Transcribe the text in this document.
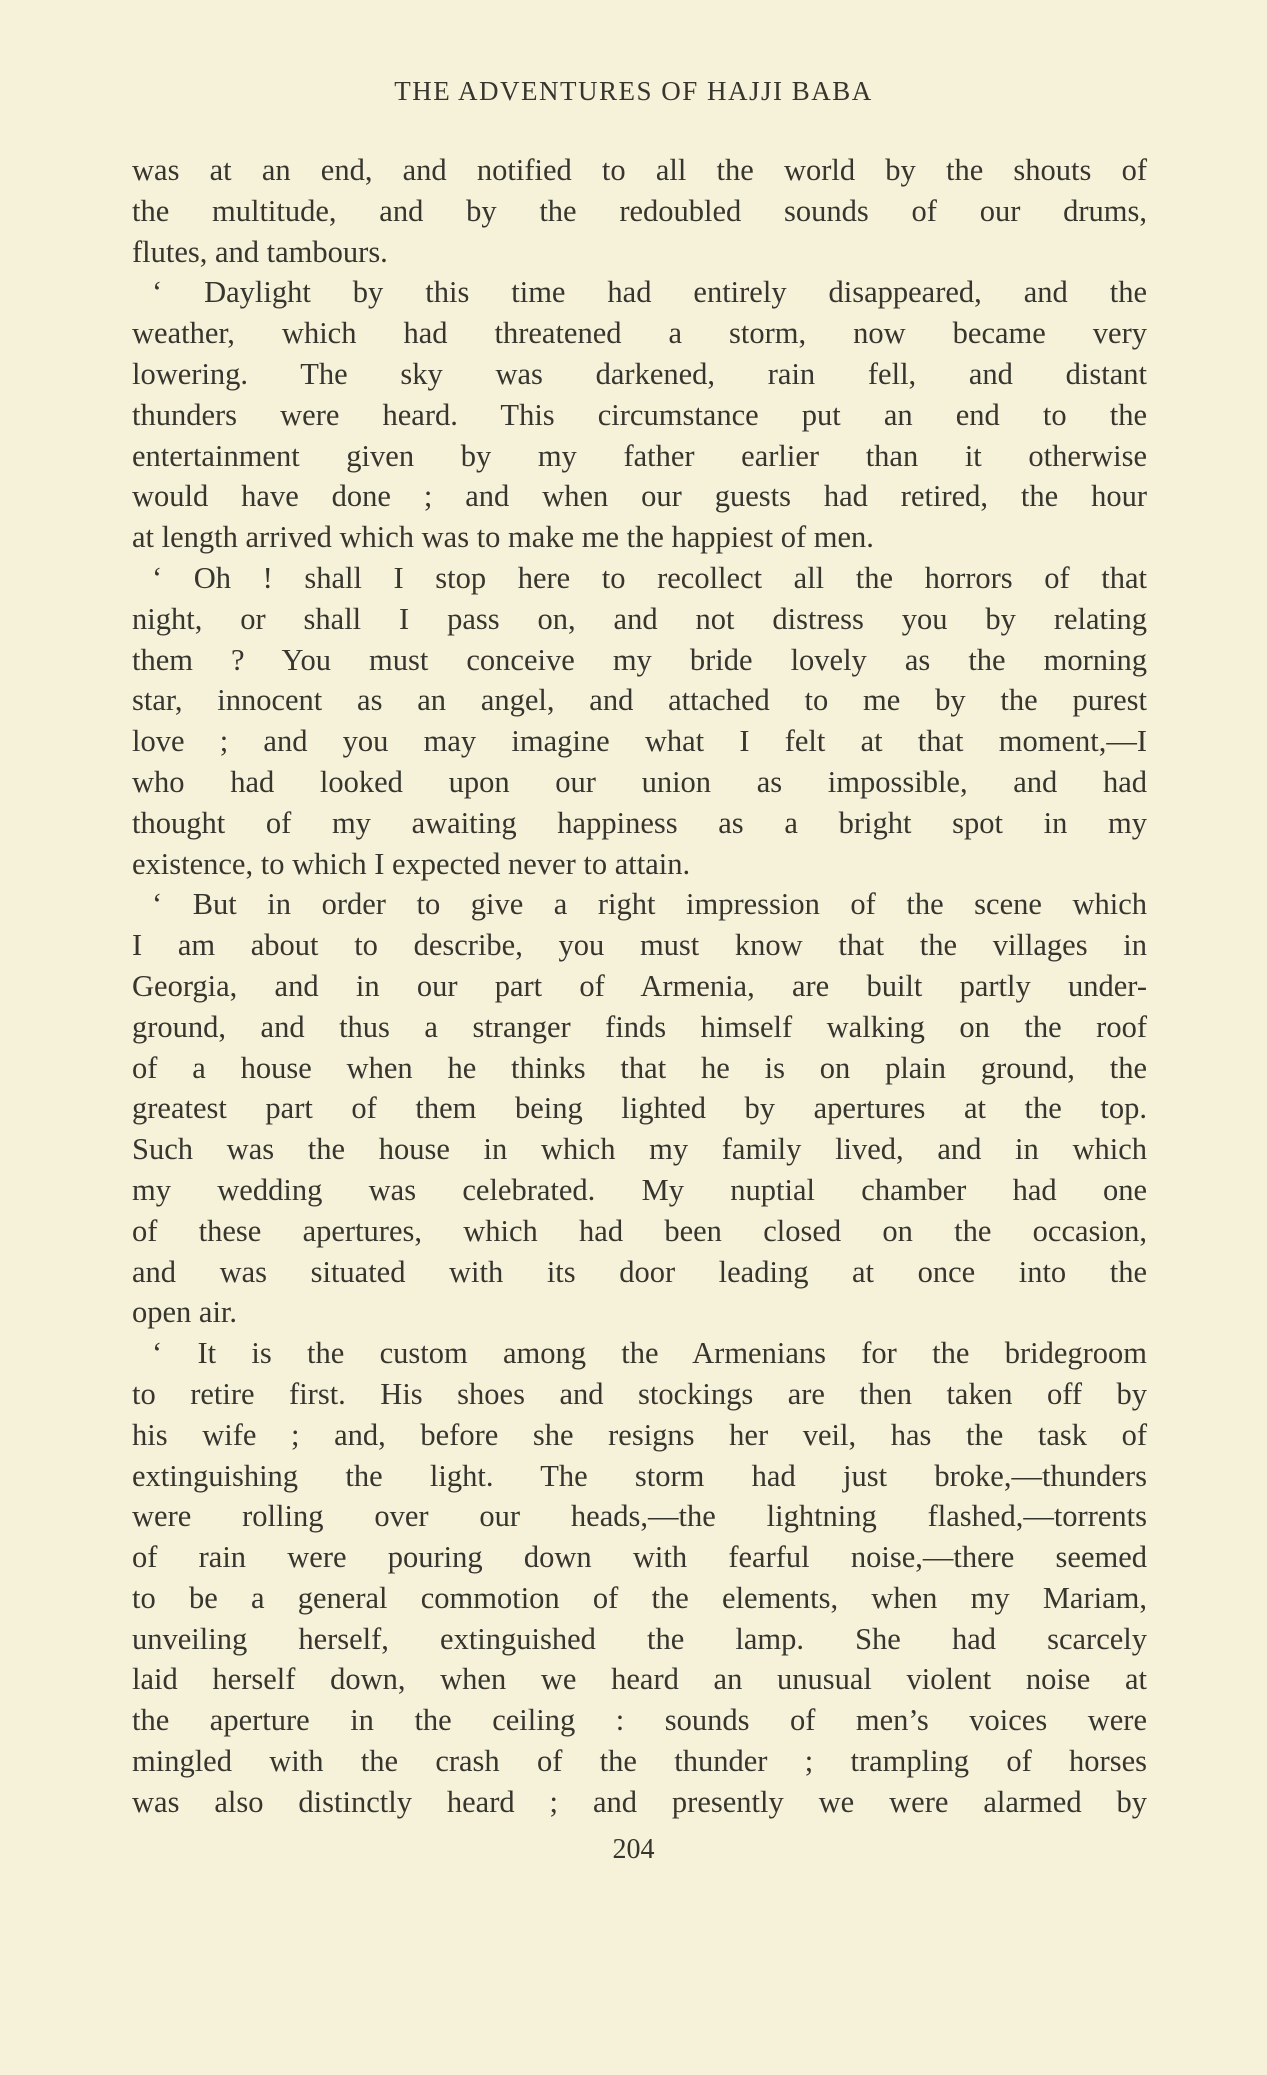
THE ADVENTURES OF HAJJI BABA
was at an end, and notified to all the world by the shouts of
the multitude, and by the redoubled sounds of our drums,
flutes, and tambours.
‘ Daylight by this time had entirely disappeared, and the
weather, which had threatened a storm, now became very
lowering. The sky was darkened, rain fell, and distant
thunders were heard. This circumstance put an end to the
entertainment given by my father earlier than it otherwise
would have done ; and when our guests had retired, the hour
at length arrived which was to make me the happiest of men.
‘ Oh ! shall I stop here to recollect all the horrors of that
night, or shall I pass on, and not distress you by relating
them ? You must conceive my bride lovely as the morning
star, innocent as an angel, and attached to me by the purest
love ; and you may imagine what I felt at that moment,—I
who had looked upon our union as impossible, and had
thought of my awaiting happiness as a bright spot in my
existence, to which I expected never to attain.
‘ But in order to give a right impression of the scene which
I am about to describe, you must know that the villages in
Georgia, and in our part of Armenia, are built partly under-
ground, and thus a stranger finds himself walking on the roof
of a house when he thinks that he is on plain ground, the
greatest part of them being lighted by apertures at the top.
Such was the house in which my family lived, and in which
my wedding was celebrated. My nuptial chamber had one
of these apertures, which had been closed on the occasion,
and was situated with its door leading at once into the
open air.
‘ It is the custom among the Armenians for the bridegroom
to retire first. His shoes and stockings are then taken off by
his wife ; and, before she resigns her veil, has the task of
extinguishing the light. The storm had just broke,—thunders
were rolling over our heads,—the lightning flashed,—torrents
of rain were pouring down with fearful noise,—there seemed
to be a general commotion of the elements, when my Mariam,
unveiling herself, extinguished the lamp. She had scarcely
laid herself down, when we heard an unusual violent noise at
the aperture in the ceiling : sounds of men’s voices were
mingled with the crash of the thunder ; trampling of horses
was also distinctly heard ; and presently we were alarmed by
204
